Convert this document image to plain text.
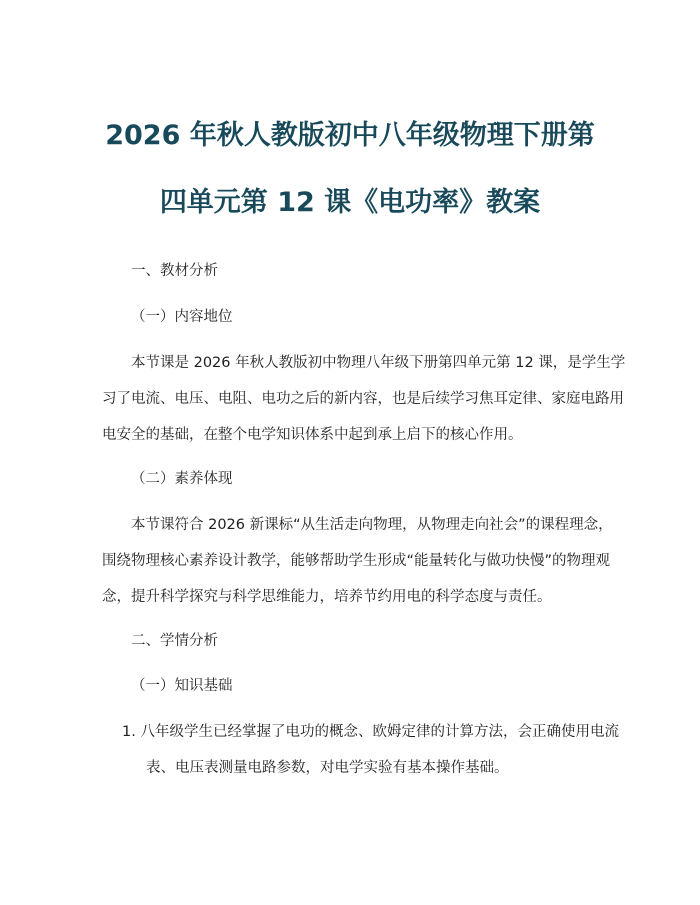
2026 年秋人教版初中八年级物理下册第
四单元第 12 课《电功率》教案
一、教材分析
（一）内容地位
本节课是 2026 年秋人教版初中物理八年级下册第四单元第 12 课，是学生学
习了电流、电压、电阻、电功之后的新内容，也是后续学习焦耳定律、家庭电路用
电安全的基础，在整个电学知识体系中起到承上启下的核心作用。
（二）素养体现
本节课符合 2026 新课标“从生活走向物理，从物理走向社会”的课程理念，
围绕物理核心素养设计教学，能够帮助学生形成“能量转化与做功快慢”的物理观
念，提升科学探究与科学思维能力，培养节约用电的科学态度与责任。
二、学情分析
（一）知识基础
1. 八年级学生已经掌握了电功的概念、欧姆定律的计算方法，会正确使用电流
表、电压表测量电路参数，对电学实验有基本操作基础。
